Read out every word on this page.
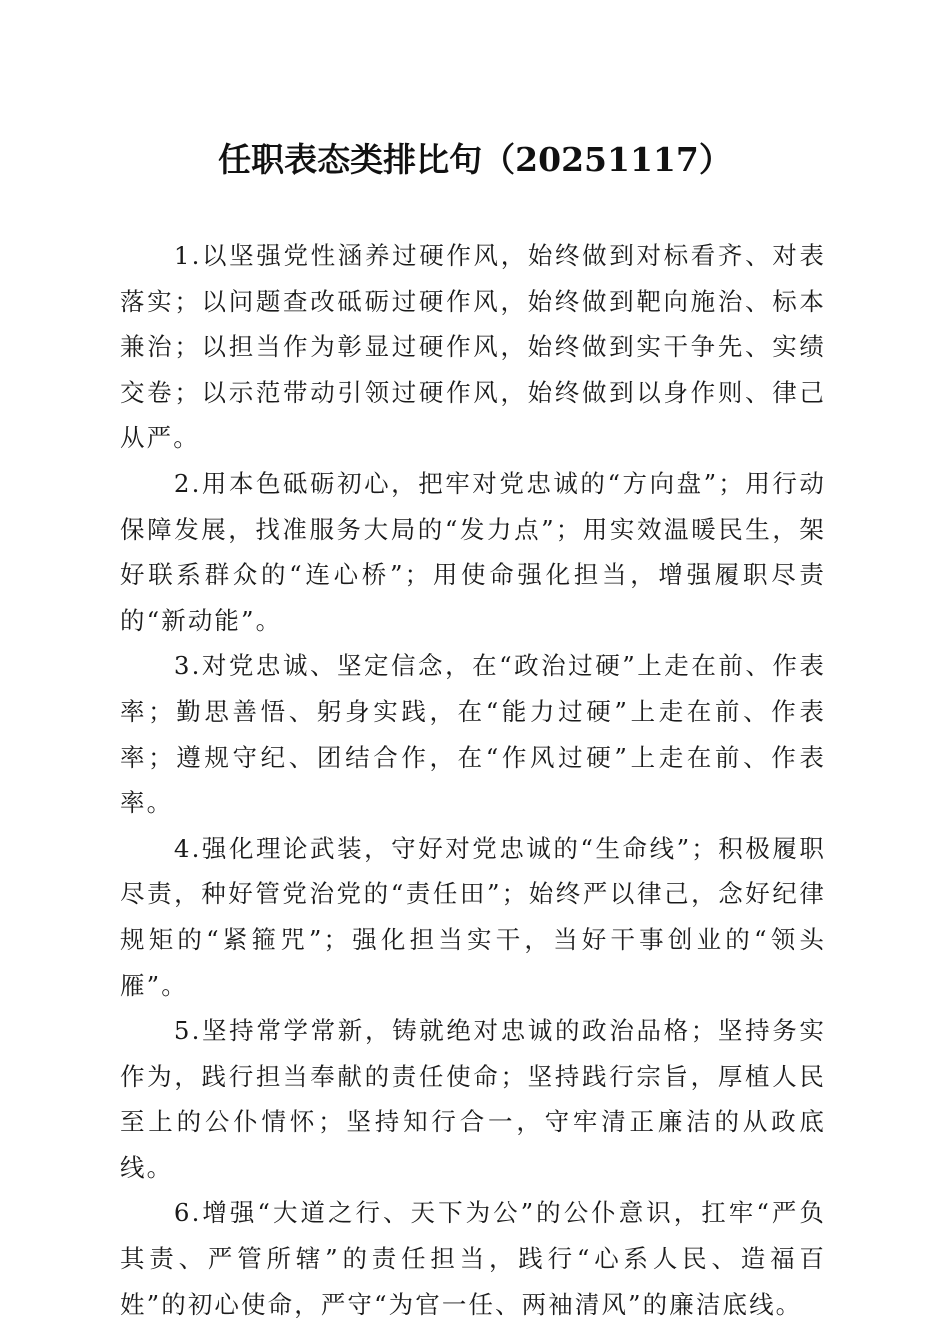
任职表态类排比句（20251117）

1.以坚强党性涵养过硬作风，始终做到对标看齐、对表落实；以问题查改砥砺过硬作风，始终做到靶向施治、标本兼治；以担当作为彰显过硬作风，始终做到实干争先、实绩交卷；以示范带动引领过硬作风，始终做到以身作则、律己从严。

2.用本色砥砺初心，把牢对党忠诚的“方向盘”；用行动保障发展，找准服务大局的“发力点”；用实效温暖民生，架好联系群众的“连心桥”；用使命强化担当，增强履职尽责的“新动能”。

3.对党忠诚、坚定信念，在“政治过硬”上走在前、作表率；勤思善悟、躬身实践，在“能力过硬”上走在前、作表率；遵规守纪、团结合作，在“作风过硬”上走在前、作表率。

4.强化理论武装，守好对党忠诚的“生命线”；积极履职尽责，种好管党治党的“责任田”；始终严以律己，念好纪律规矩的“紧箍咒”；强化担当实干，当好干事创业的“领头雁”。

5.坚持常学常新，铸就绝对忠诚的政治品格；坚持务实作为，践行担当奉献的责任使命；坚持践行宗旨，厚植人民至上的公仆情怀；坚持知行合一，守牢清正廉洁的从政底线。

6.增强“大道之行、天下为公”的公仆意识，扛牢“严负其责、严管所辖”的责任担当，践行“心系人民、造福百姓”的初心使命，严守“为官一任、两袖清风”的廉洁底线。
